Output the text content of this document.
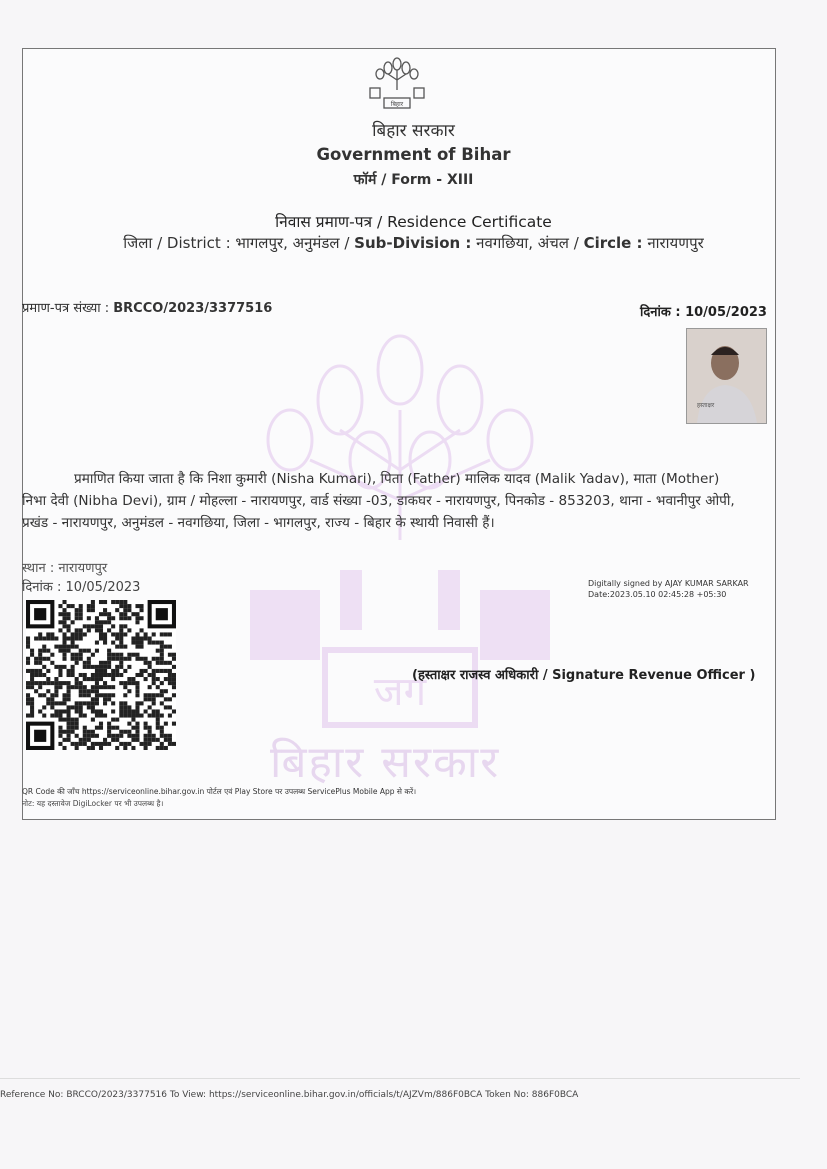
जग
बिहार सरकार
बिहार
बिहार सरकार
Government of Bihar
फॉर्म / Form - XIII
निवास प्रमाण-पत्र / Residence Certificate
जिला / District : भागलपुर, अनुमंडल / Sub-Division : नवगछिया, अंचल / Circle : नारायणपुर
प्रमाण-पत्र संख्या : BRCCO/2023/3377516	दिनांक : 10/05/2023
हस्ताक्षर
प्रमाणित किया जाता है कि निशा कुमारी (Nisha Kumari), पिता (Father) मालिक यादव (Malik Yadav), माता (Mother)
निभा देवी (Nibha Devi), ग्राम / मोहल्ला - नारायणपुर, वार्ड संख्या -03, डाकघर - नारायणपुर, पिनकोड - 853203, थाना - भवानीपुर ओपी,
प्रखंड - नारायणपुर, अनुमंडल - नवगछिया, जिला - भागलपुर, राज्य - बिहार के स्थायी निवासी हैं।
स्थान : नारायणपुर
दिनांक : 10/05/2023	Digitally signed by AJAY KUMAR SARKAR
Date:2023.05.10 02:45:28 +05:30
(हस्ताक्षर राजस्व अधिकारी / Signature Revenue Officer )
QR Code की जाँच https://serviceonline.bihar.gov.in पोर्टल एवं Play Store पर उपलब्ध ServicePlus Mobile App से करें।
नोट: यह दस्तावेज DigiLocker पर भी उपलब्ध है।
Reference No: BRCCO/2023/3377516 To View: https://serviceonline.bihar.gov.in/officials/t/AJZVm/886F0BCA Token No: 886F0BCA
